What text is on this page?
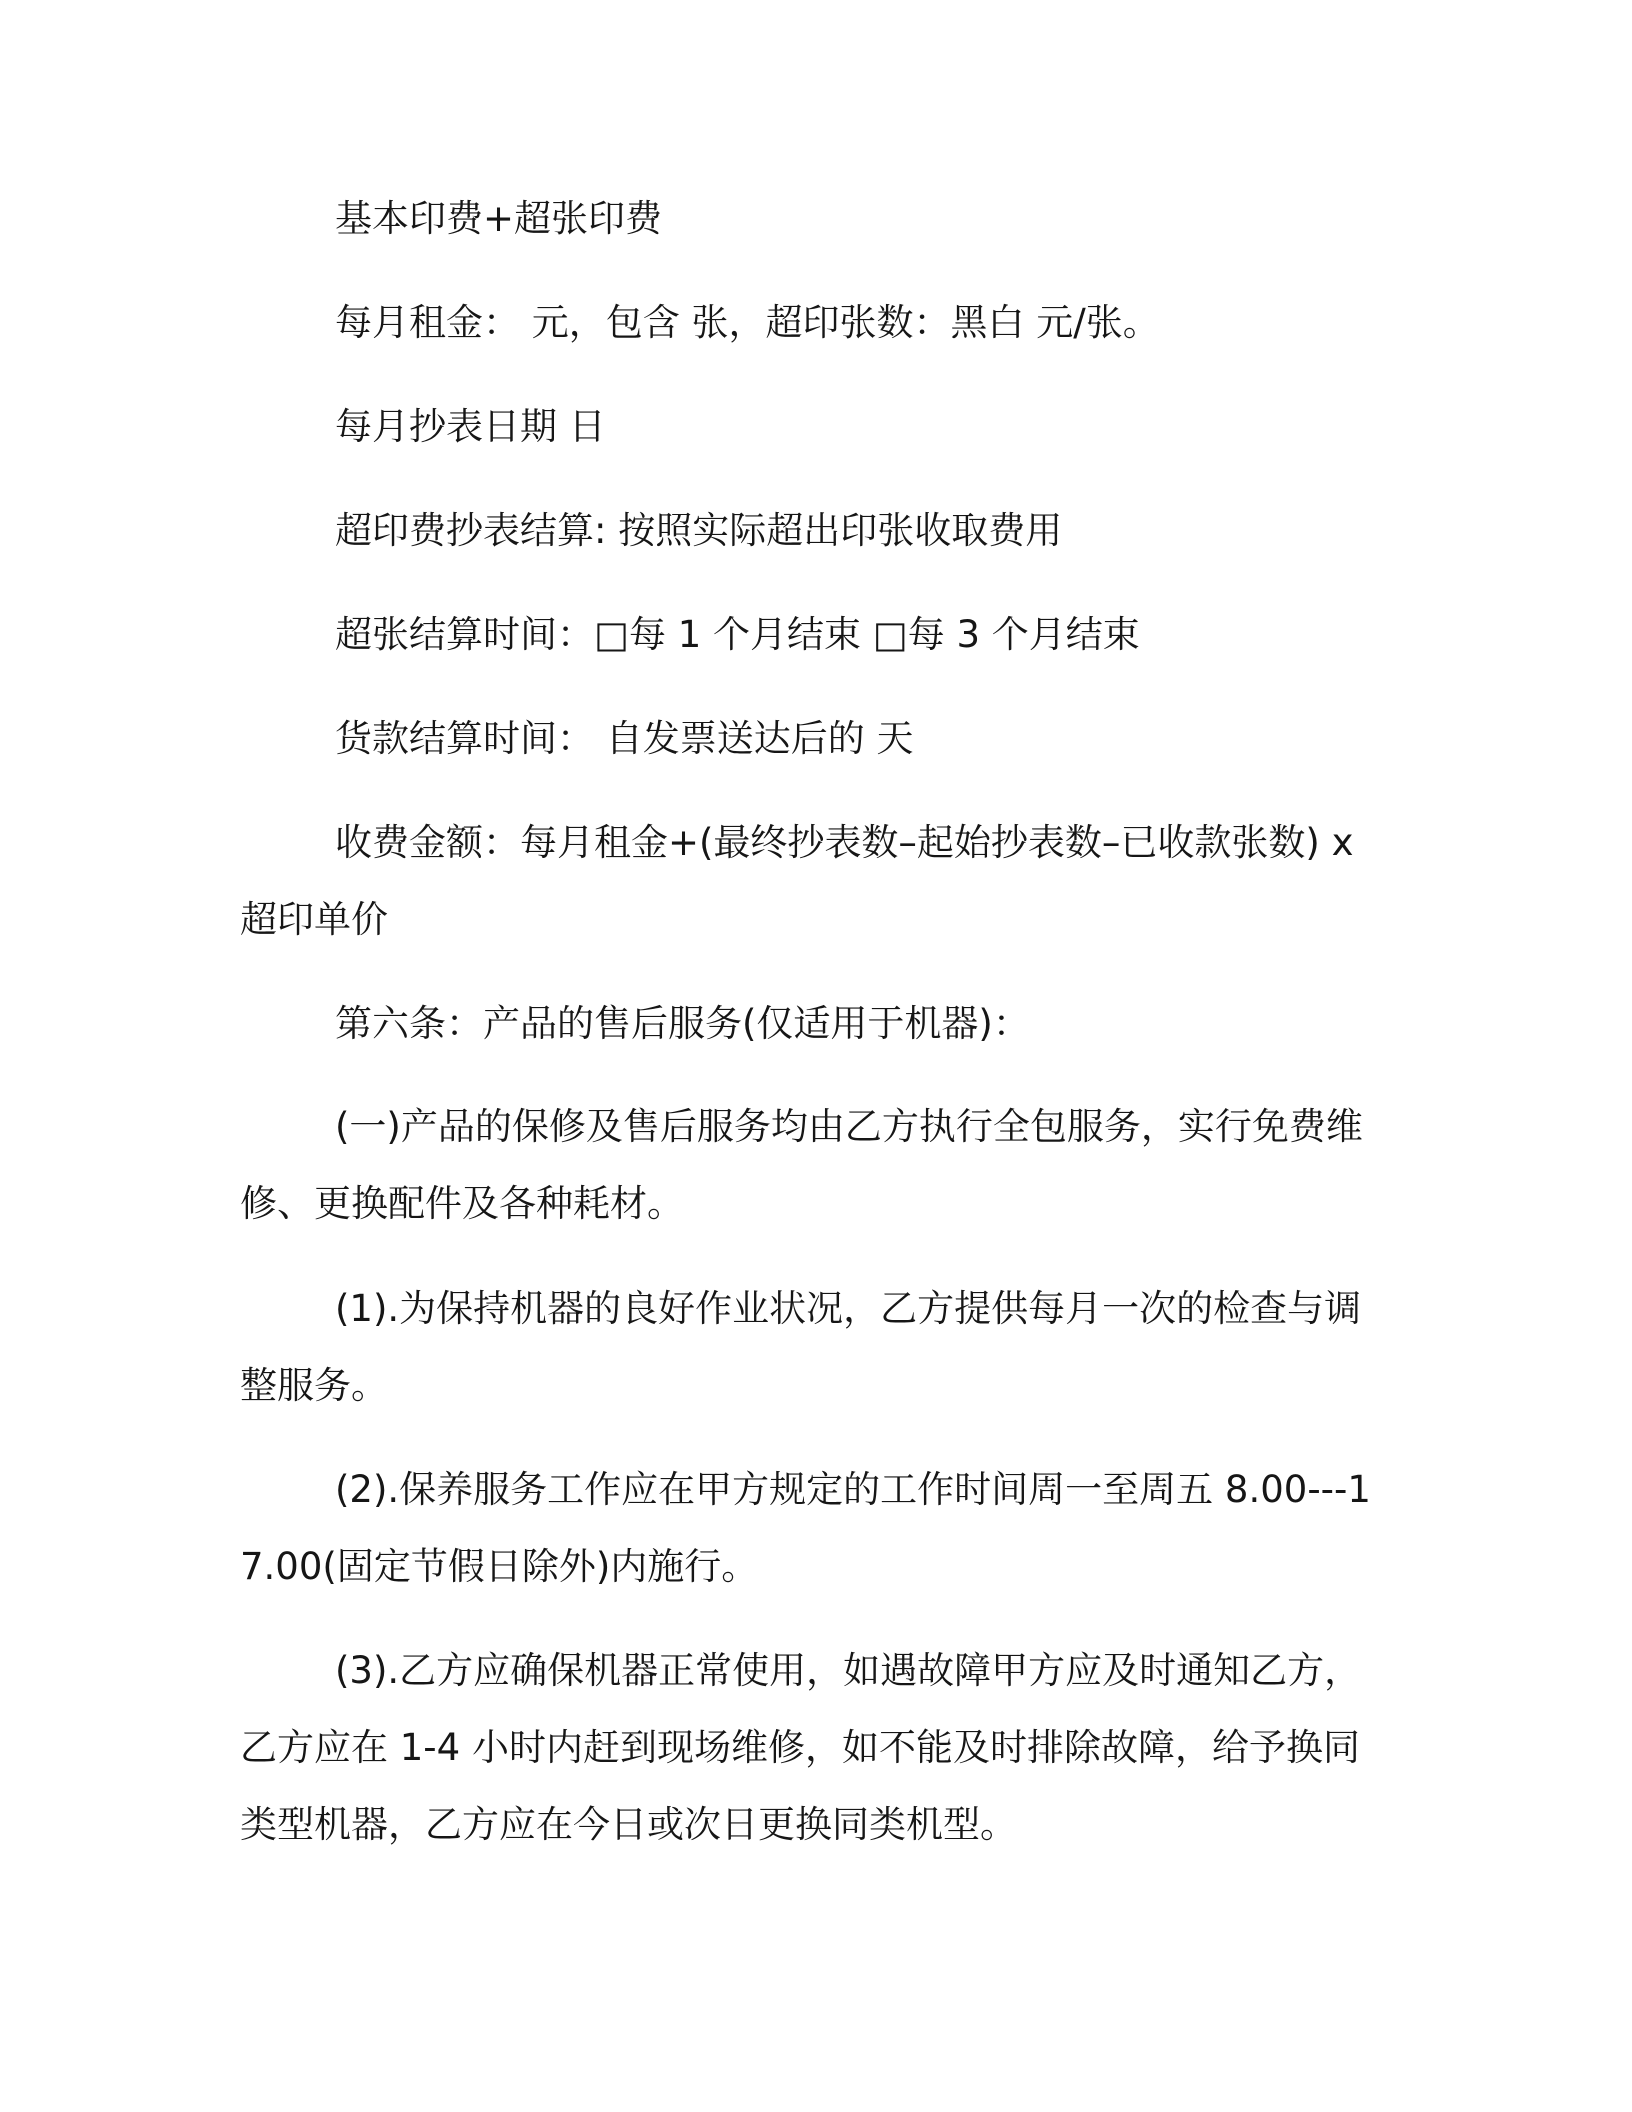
基本印费+超张印费

每月租金： 元，包含 张，超印张数：黑白 元/张。

每月抄表日期 日

超印费抄表结算: 按照实际超出印张收取费用

超张结算时间：□每 1 个月结束 □每 3 个月结束

货款结算时间： 自发票送达后的 天

收费金额：每月租金+(最终抄表数–起始抄表数–已收款张数) x 超印单价

第六条：产品的售后服务(仅适用于机器)：

(一)产品的保修及售后服务均由乙方执行全包服务，实行免费维修、更换配件及各种耗材。

(1).为保持机器的良好作业状况，乙方提供每月一次的检查与调整服务。

(2).保养服务工作应在甲方规定的工作时间周一至周五 8.00---17.00(固定节假日除外)内施行。

(3).乙方应确保机器正常使用，如遇故障甲方应及时通知乙方，乙方应在 1-4 小时内赶到现场维修，如不能及时排除故障，给予换同类型机器，乙方应在今日或次日更换同类机型。
